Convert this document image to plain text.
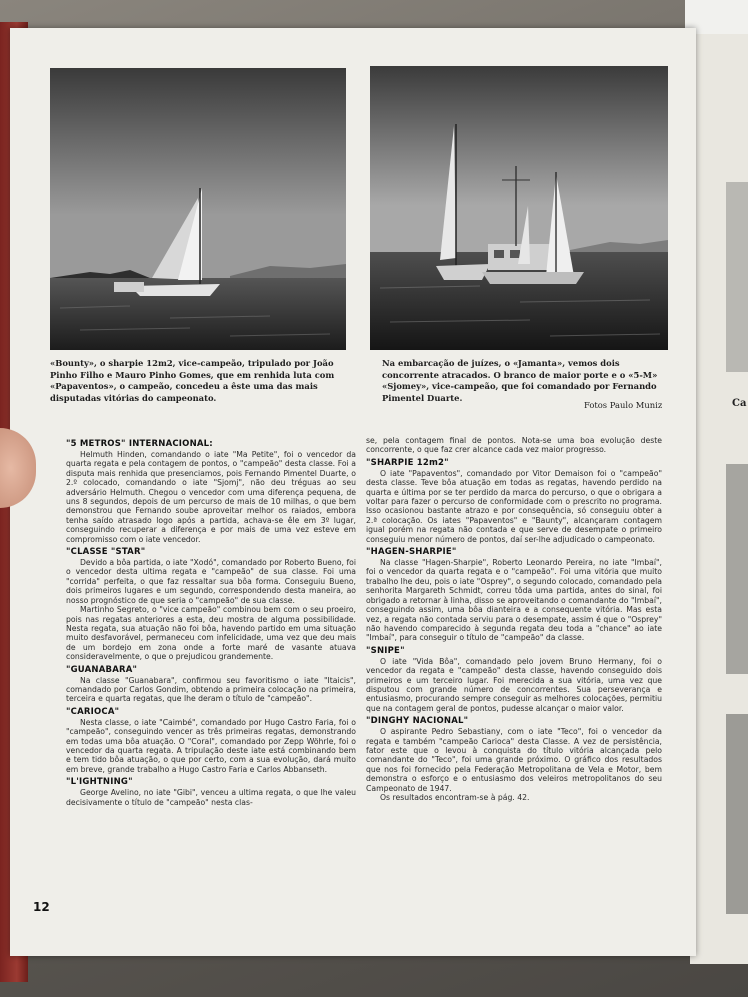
Ca

«Bounty», o sharpie 12m2, vice-campeão, tripulado por João Pinho Filho e Mauro Pinho Gomes, que em renhida luta com «Papaventos», o campeão, concedeu a êste uma das mais disputadas vitórias do campeonato.

Na embarcação de juízes, o «Jamanta», vemos dois concorrente atracados. O branco de maior porte e o «5-M» «Sjomey», vice-campeão, que foi comandado por Fernando Pimentel Duarte.

Fotos Paulo Muniz
"5 METROS" INTERNACIONAL:

Helmuth Hinden, comandando o iate "Ma Petite", foi o vencedor da quarta regata e pela contagem de pontos, o "campeão" desta classe. Foi a disputa mais renhida que presenciamos, pois Fernando Pimentel Duarte, o 2.º colocado, comandando o iate "Sjomj", não deu tréguas ao seu adversário Helmuth. Chegou o vencedor com uma diferença pequena, de uns 8 segundos, depois de um percurso de mais de 10 milhas, o que bem demonstrou que Fernando soube aproveitar melhor os raiados, embora tenha saído atrasado logo após a partida, achava-se êle em 3º lugar, conseguindo recuperar a diferença e por mais de uma vez esteve em compromisso com o iate vencedor.

"CLASSE "STAR"

Devido a bôa partida, o iate "Xodó", comandado por Roberto Bueno, foi o vencedor desta ultima regata e "campeão" de sua classe. Foi uma "corrida" perfeita, o que faz ressaltar sua bôa forma. Conseguiu Bueno, dois primeiros lugares e um segundo, correspondendo desta maneira, ao nosso prognóstico de que seria o "campeão" de sua classe.

Martinho Segreto, o "vice campeão" combinou bem com o seu proeiro, pois nas regatas anteriores a esta, deu mostra de alguma possibilidade. Nesta regata, sua atuação não foi bôa, havendo partido em uma situação muito desfavorável, permaneceu com infelicidade, uma vez que deu mais de um bordejo em zona onde a forte maré de vasante atuava consideravelmente, o que o prejudicou grandemente.

"GUANABARA"

Na classe "Guanabara", confirmou seu favoritismo o iate "Itaicis", comandado por Carlos Gondim, obtendo a primeira colocação na primeira, terceira e quarta regatas, que lhe deram o título de "campeão".

"CARIOCA"

Nesta classe, o iate "Caimbé", comandado por Hugo Castro Faria, foi o "campeão", conseguindo vencer as três primeiras regatas, demonstrando em todas uma bôa atuação. O "Coral", comandado por Zepp Wöhrle, foi o vencedor da quarta regata. A tripulação deste iate está combinando bem e tem tido bôa atuação, o que por certo, com a sua evolução, dará muito em breve, grande trabalho a Hugo Castro Faria e Carlos Abbanseth.

"L'IGHTNING"

George Avelino, no iate "Gibi", venceu a ultima regata, o que lhe valeu decisivamente o título de "campeão" nesta clas-

se, pela contagem final de pontos. Nota-se uma boa evolução deste concorrente, o que faz crer alcance cada vez maior progresso.

"SHARPIE 12m2"

O iate "Papaventos", comandado por Vitor Demaison foi o "campeão" desta classe. Teve bôa atuação em todas as regatas, havendo perdido na quarta e última por se ter perdido da marca do percurso, o que o obrigara a voltar para fazer o percurso de conformidade com o prescrito no programa. Isso ocasionou bastante atrazo e por consequência, só conseguiu obter a 2.ª colocação. Os iates "Papaventos" e "Baunty", alcançaram contagem igual porém na regata não contada e que serve de desempate o primeiro conseguiu menor número de pontos, daí ser-lhe adjudicado o campeonato.

"HAGEN-SHARPIE"

Na classe "Hagen-Sharpie", Roberto Leonardo Pereira, no iate "Imbaí", foi o vencedor da quarta regata e o "campeão". Foi uma vitória que muito trabalho lhe deu, pois o iate "Osprey", o segundo colocado, comandado pela senhorita Margareth Schmidt, correu tôda uma partida, antes do sinal, foi obrigado a retornar à linha, disso se aproveitando o comandante do "Imbaí", conseguindo assim, uma bôa dianteira e a consequente vitória. Mas esta vez, a regata não contada serviu para o desempate, assim é que o "Osprey" não havendo comparecido à segunda regata deu toda a "chance" ao iate "Imbaí", para conseguir o título de "campeão" da classe.

"SNIPE"

O iate "Vida Bôa", comandado pelo jovem Bruno Hermany, foi o vencedor da regata e "campeão" desta classe, havendo conseguido dois primeiros e um terceiro lugar. Foi merecida a sua vitória, uma vez que disputou com grande número de concorrentes. Sua perseverança e entusiasmo, procurando sempre conseguir as melhores colocações, permitiu que na contagem geral de pontos, pudesse alcançar o maior valor.

"DINGHY NACIONAL"

O aspirante Pedro Sebastiany, com o iate "Teco", foi o vencedor da regata e também "campeão Carioca" desta Classe. A vez de persistência, fator este que o levou à conquista do título vitória alcançada pelo comandante do "Teco", foi uma grande próximo. O gráfico dos resultados que nos foi fornecido pela Federação Metropolitana de Vela e Motor, bem demonstra o esforço e o entusiasmo dos veleiros metropolitanos do seu Campeonato de 1947.

Os resultados encontram-se à pág. 42.

12
